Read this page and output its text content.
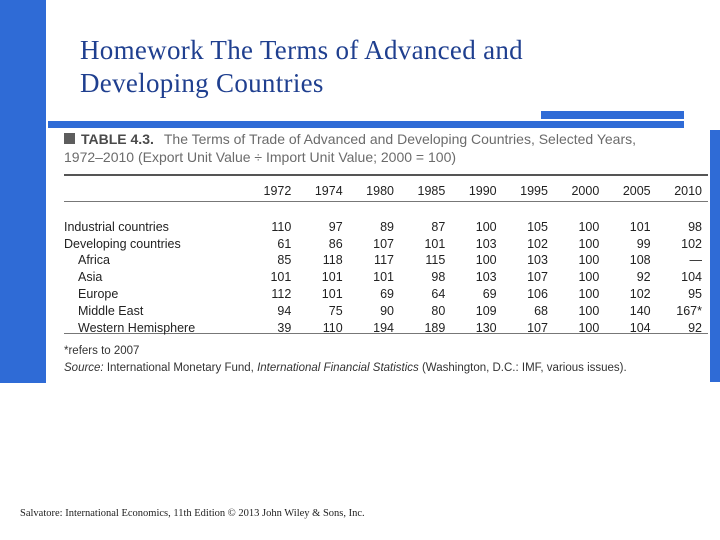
Homework The Terms of Advanced and
Developing Countries
TABLE 4.3. The Terms of Trade of Advanced and Developing Countries, Selected Years,
1972–2010 (Export Unit Value ÷ Import Unit Value; 2000 = 100)
	1972	1974	1980	1985	1990	1995	2000	2005	2010

Industrial countries	110	97	89	87	100	105	100	101	98
Developing countries	61	86	107	101	103	102	100	99	102
Africa	85	118	117	115	100	103	100	108	—
Asia	101	101	101	98	103	107	100	92	104
Europe	112	101	69	64	69	106	100	102	95
Middle East	94	75	90	80	109	68	100	140	167*
Western Hemisphere	39	110	194	189	130	107	100	104	92
*refers to 2007
Source: International Monetary Fund, International Financial Statistics (Washington, D.C.: IMF, various issues).
Salvatore: International Economics, 11th Edition © 2013 John Wiley & Sons, Inc.
